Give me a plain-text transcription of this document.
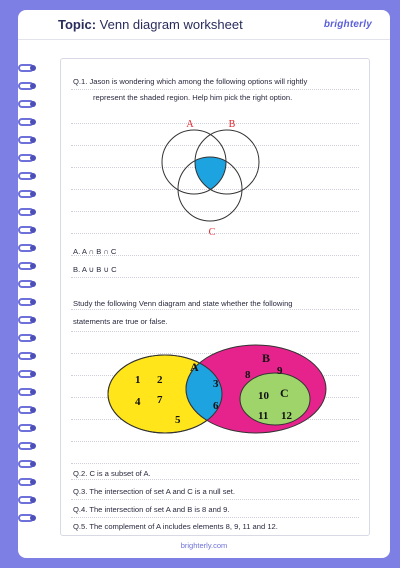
Topic: Venn diagram worksheet	brighterly
Q.1. Jason is wondering which among the following options will rightly
represent the shaded region. Help him pick the right option.
A	B
C
A. A ∩ B ∩ C
B. A ∪ B ∪ C
Study the following Venn diagram and state whether the following
statements are true or false.
A
B
C
1 2	3
4
5
6
7
8 9
10
11 12
Q.2. C is a subset of A.
Q.3. The intersection of set A and C is a null set.
Q.4. The intersection of set A and B is 8 and 9.
Q.5. The complement of A includes elements 8, 9, 11 and 12.
brighterly.com
